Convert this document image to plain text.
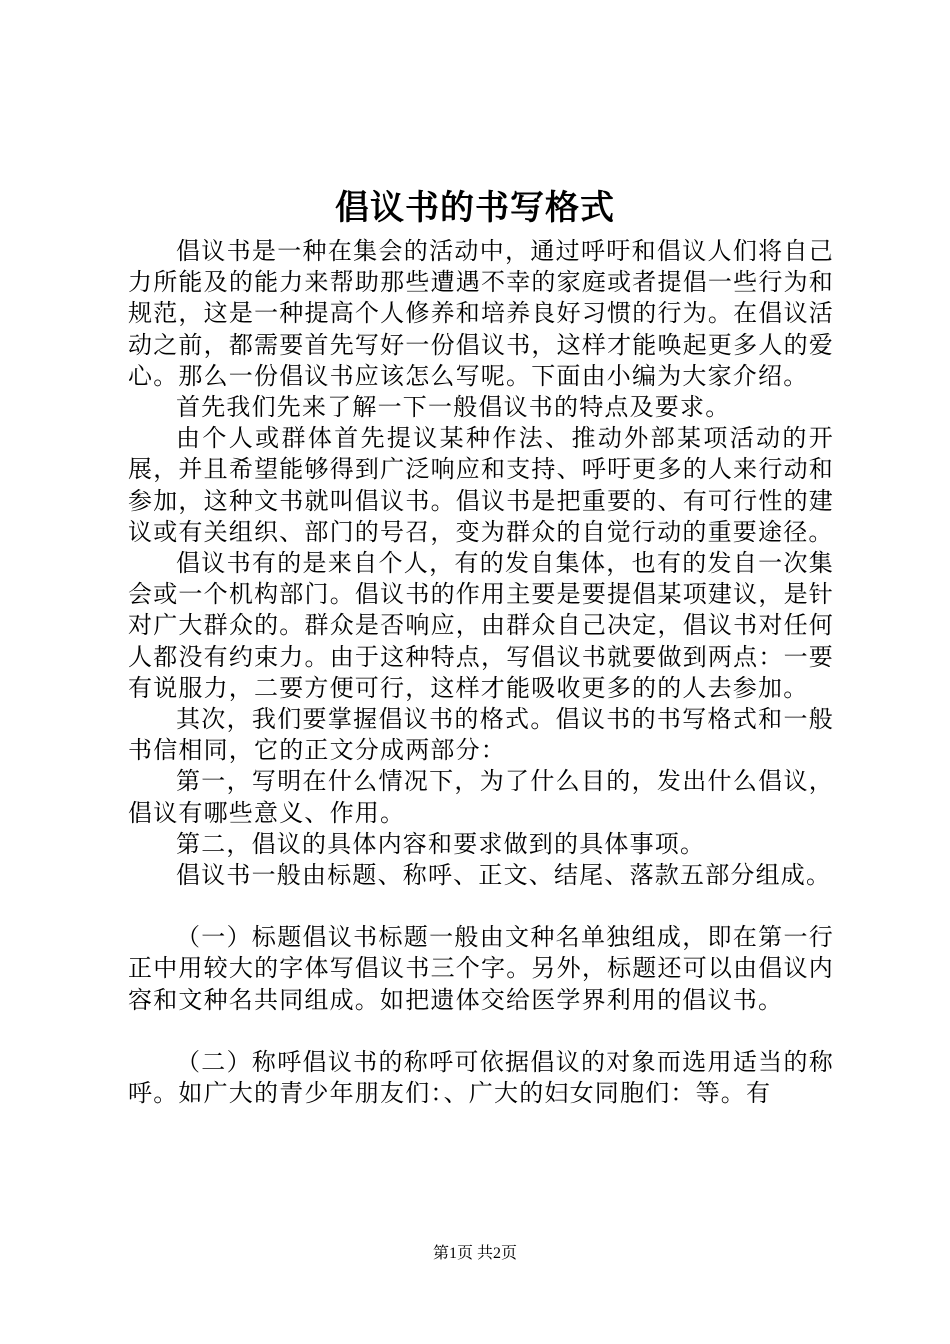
倡议书的书写格式

倡议书是一种在集会的活动中，通过呼吁和倡议人们将自己力所能及的能力来帮助那些遭遇不幸的家庭或者提倡一些行为和规范，这是一种提高个人修养和培养良好习惯的行为。在倡议活动之前，都需要首先写好一份倡议书，这样才能唤起更多人的爱心。那么一份倡议书应该怎么写呢。下面由小编为大家介绍。

首先我们先来了解一下一般倡议书的特点及要求。

由个人或群体首先提议某种作法、推动外部某项活动的开展，并且希望能够得到广泛响应和支持、呼吁更多的人来行动和参加，这种文书就叫倡议书。倡议书是把重要的、有可行性的建议或有关组织、部门的号召，变为群众的自觉行动的重要途径。

倡议书有的是来自个人，有的发自集体，也有的发自一次集会或一个机构部门。倡议书的作用主要是要提倡某项建议，是针对广大群众的。群众是否响应，由群众自己决定，倡议书对任何人都没有约束力。由于这种特点，写倡议书就要做到两点：一要有说服力，二要方便可行，这样才能吸收更多的的人去参加。

其次，我们要掌握倡议书的格式。倡议书的书写格式和一般书信相同，它的正文分成两部分：

第一，写明在什么情况下，为了什么目的，发出什么倡议，倡议有哪些意义、作用。

第二，倡议的具体内容和要求做到的具体事项。

倡议书一般由标题、称呼、正文、结尾、落款五部分组成。

（一）标题倡议书标题一般由文种名单独组成，即在第一行正中用较大的字体写倡议书三个字。另外，标题还可以由倡议内容和文种名共同组成。如把遗体交给医学界利用的倡议书。

（二）称呼倡议书的称呼可依据倡议的对象而选用适当的称呼。如广大的青少年朋友们：、广大的妇女同胞们：等。有

第1页 共2页
